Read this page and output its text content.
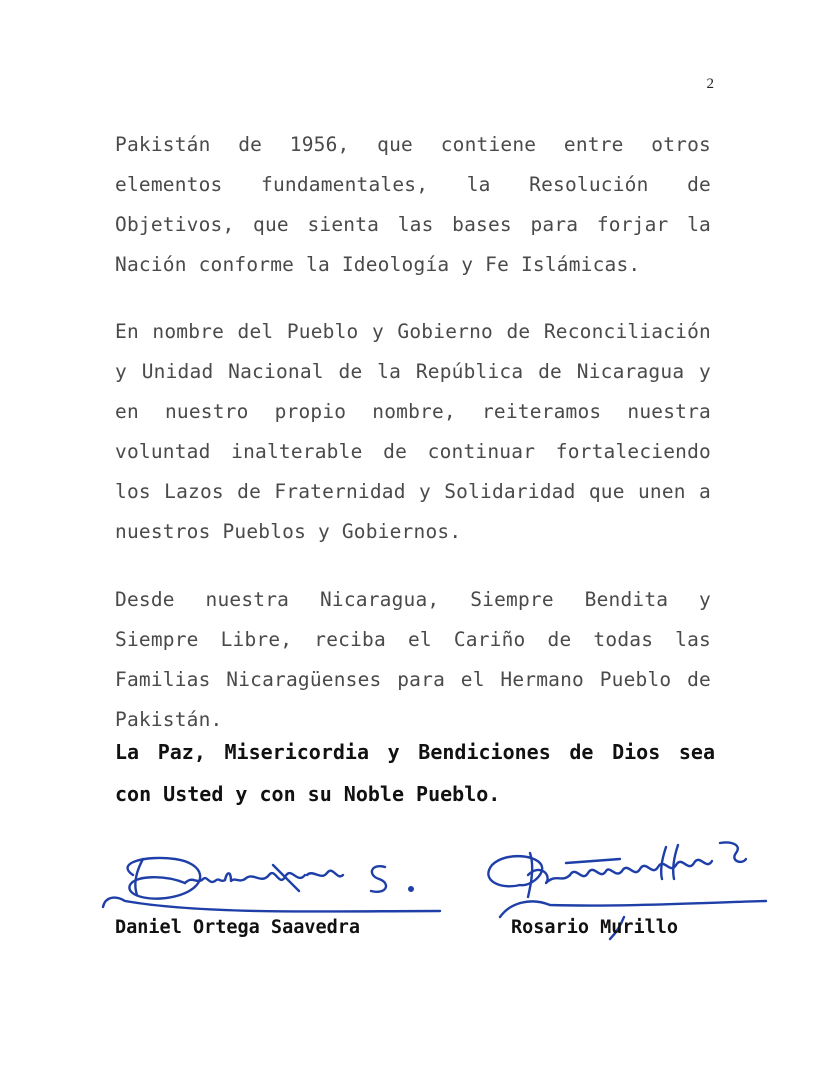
2

Pakistán de 1956, que contiene entre otros elementos fundamentales, la Resolución de Objetivos, que sienta las bases para forjar la Nación conforme la Ideología y Fe Islámicas.

En nombre del Pueblo y Gobierno de Reconciliación y Unidad Nacional de la República de Nicaragua y en nuestro propio nombre, reiteramos nuestra voluntad inalterable de continuar fortaleciendo los Lazos de Fraternidad y Solidaridad que unen a nuestros Pueblos y Gobiernos.

Desde nuestra Nicaragua, Siempre Bendita y Siempre Libre, reciba el Cariño de todas las Familias Nicaragüenses para el Hermano Pueblo de Pakistán.

La Paz, Misericordia y Bendiciones de Dios sea con Usted y con su Noble Pueblo.

Daniel Ortega Saavedra	Rosario Murillo
